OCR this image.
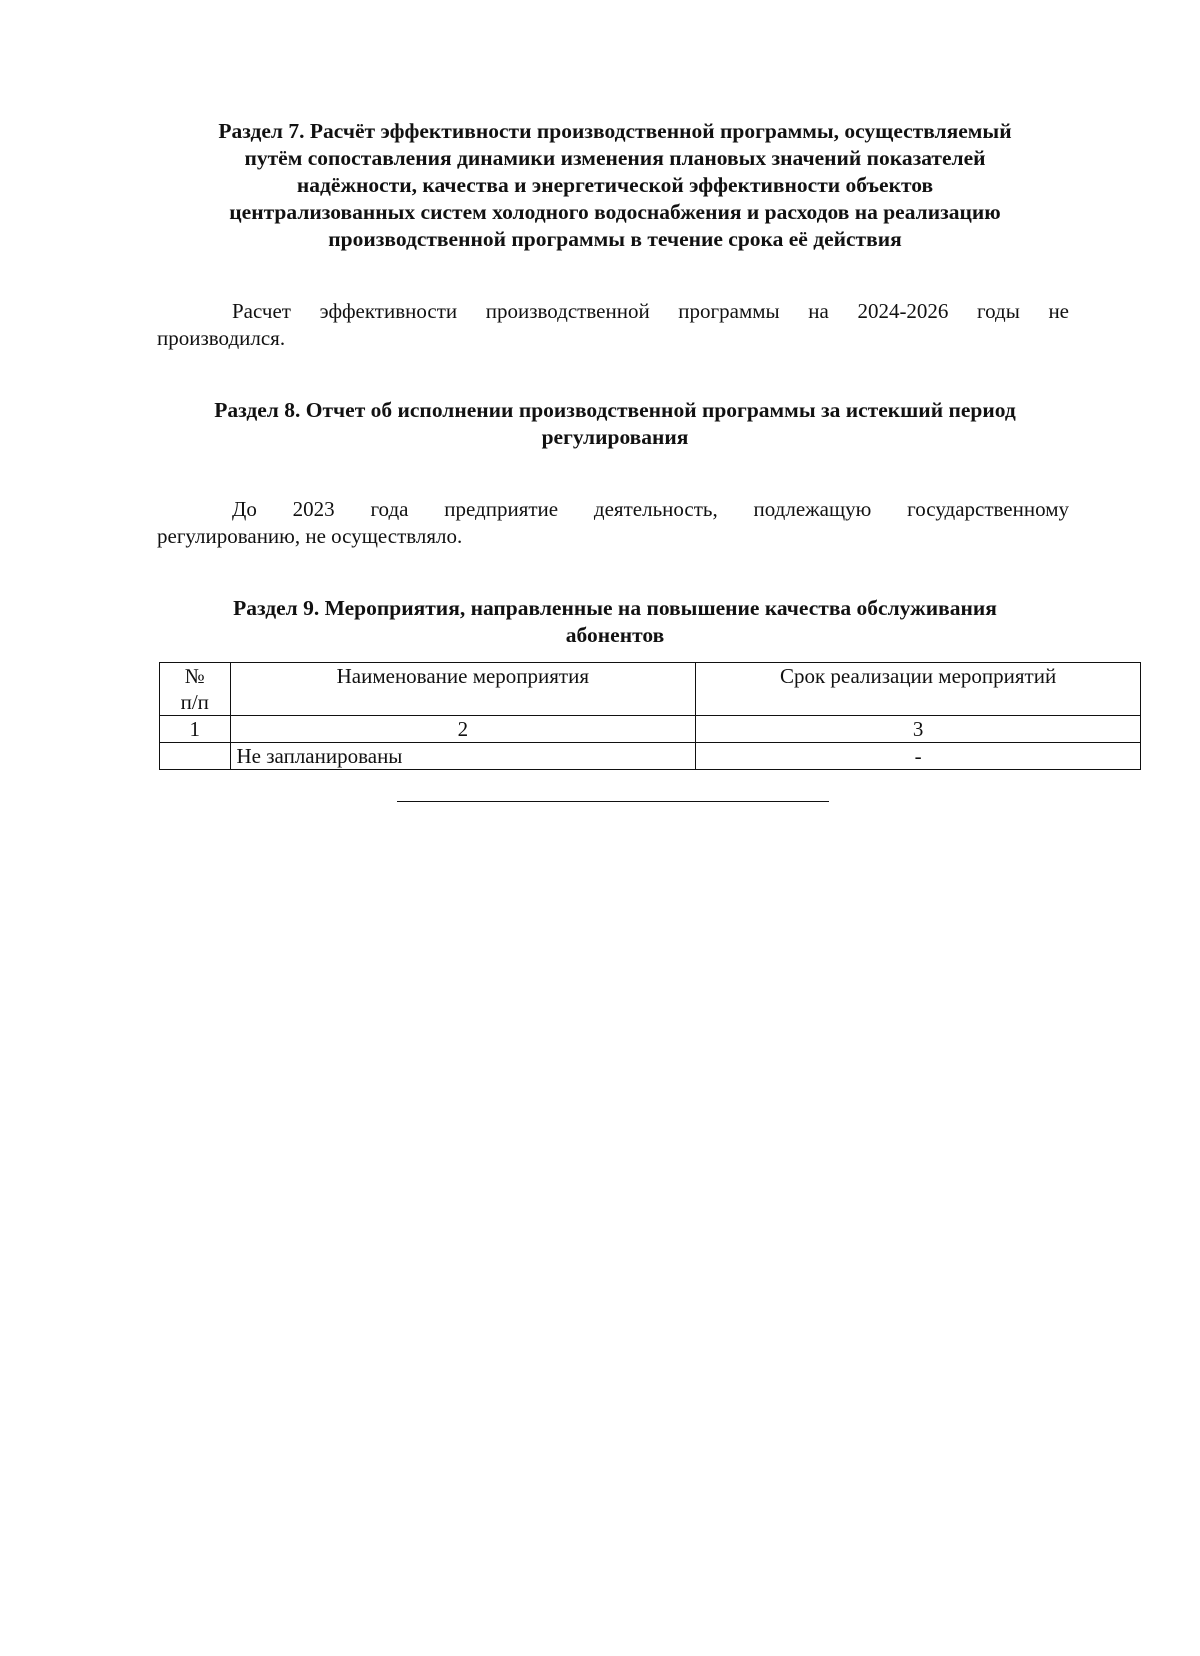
Раздел 7. Расчёт эффективности производственной программы, осуществляемый
путём сопоставления динамики изменения плановых значений показателей
надёжности, качества и энергетической эффективности объектов
централизованных систем холодного водоснабжения и расходов на реализацию
производственной программы в течение срока её действия

Расчет эффективности производственной программы на 2024-2026 годы не
производился.

Раздел 8. Отчет об исполнении производственной программы за истекший период
регулирования

До 2023 года предприятие деятельность, подлежащую государственному
регулированию, не осуществляло.

Раздел 9. Мероприятия, направленные на повышение качества обслуживания
абонентов
№
п/п	Наименование мероприятия	Срок реализации мероприятий
1	2	3
	Не запланированы	-
